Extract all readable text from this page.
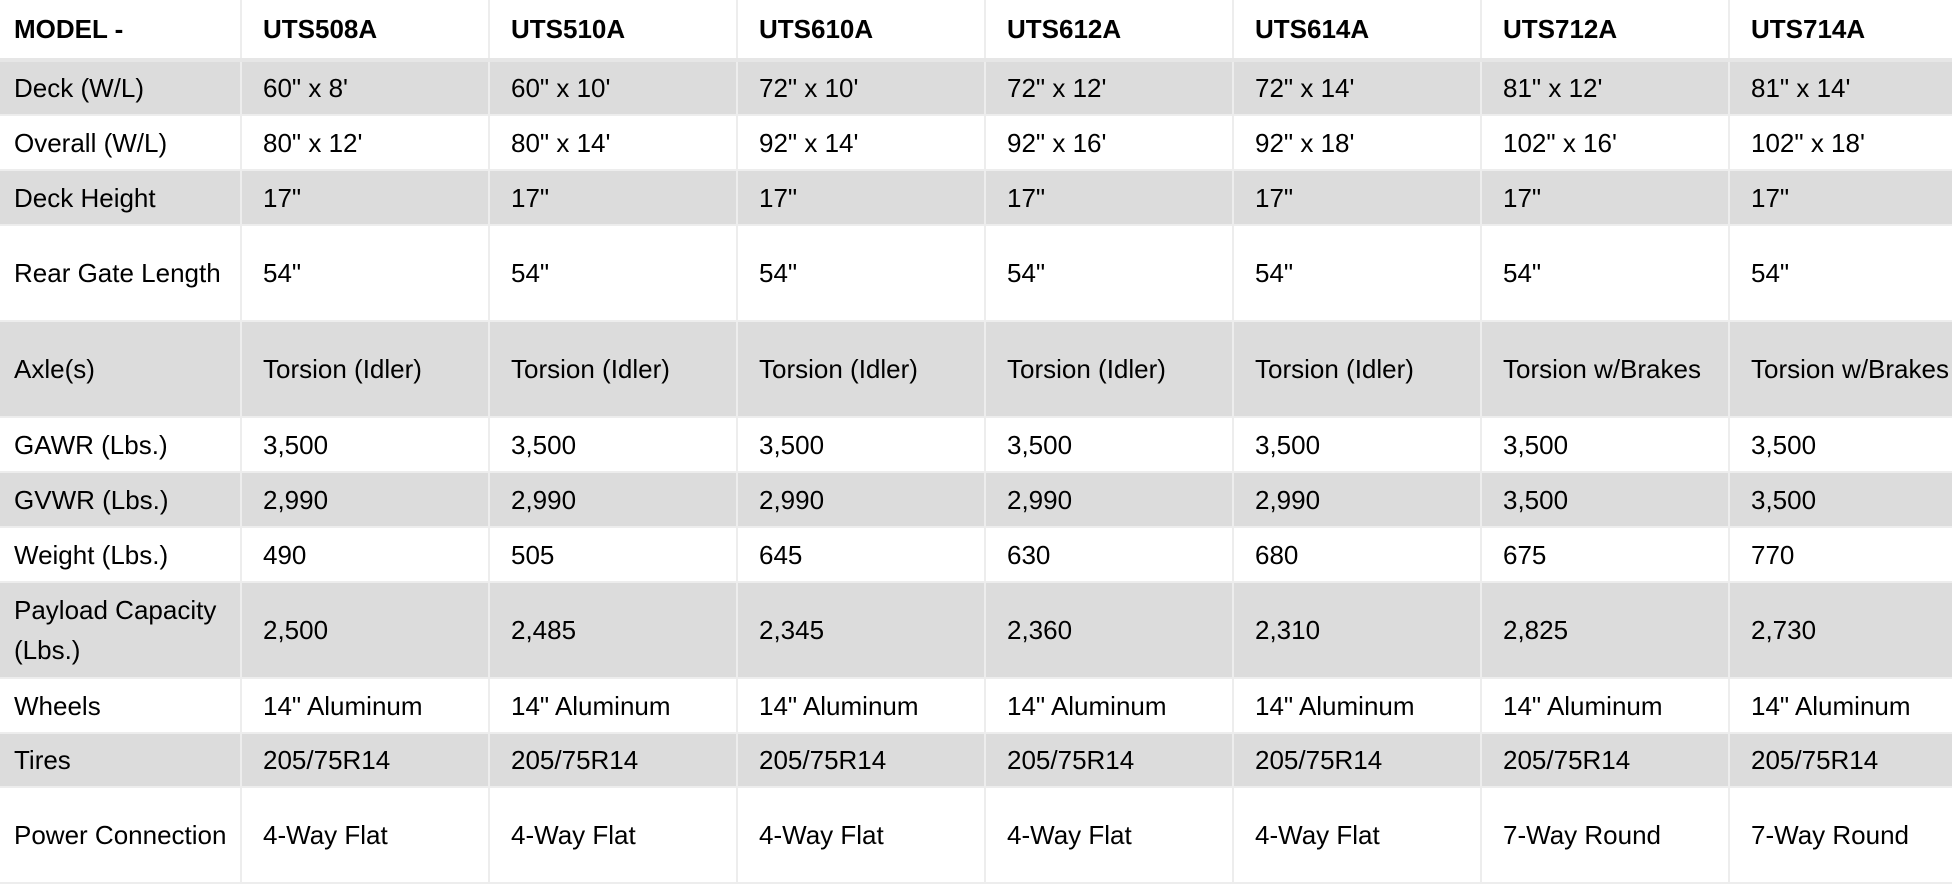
MODEL -	UTS508A	UTS510A	UTS610A	UTS612A	UTS614A	UTS712A	UTS714A
Deck (W/L)	60" x 8'	60" x 10'	72" x 10'	72" x 12'	72" x 14'	81" x 12'	81" x 14'
Overall (W/L)	80" x 12'	80" x 14'	92" x 14'	92" x 16'	92" x 18'	102" x 16'	102" x 18'
Deck Height	17"	17"	17"	17"	17"	17"	17"
Rear Gate Length	54"	54"	54"	54"	54"	54"	54"
Axle(s)	Torsion (Idler)	Torsion (Idler)	Torsion (Idler)	Torsion (Idler)	Torsion (Idler)	Torsion w/Brakes	Torsion w/Brakes
GAWR (Lbs.)	3,500	3,500	3,500	3,500	3,500	3,500	3,500
GVWR (Lbs.)	2,990	2,990	2,990	2,990	2,990	3,500	3,500
Weight (Lbs.)	490	505	645	630	680	675	770
Payload Capacity (Lbs.)	2,500	2,485	2,345	2,360	2,310	2,825	2,730
Wheels	14" Aluminum	14" Aluminum	14" Aluminum	14" Aluminum	14" Aluminum	14" Aluminum	14" Aluminum
Tires	205/75R14	205/75R14	205/75R14	205/75R14	205/75R14	205/75R14	205/75R14
Power Connection	4-Way Flat	4-Way Flat	4-Way Flat	4-Way Flat	4-Way Flat	7-Way Round	7-Way Round
